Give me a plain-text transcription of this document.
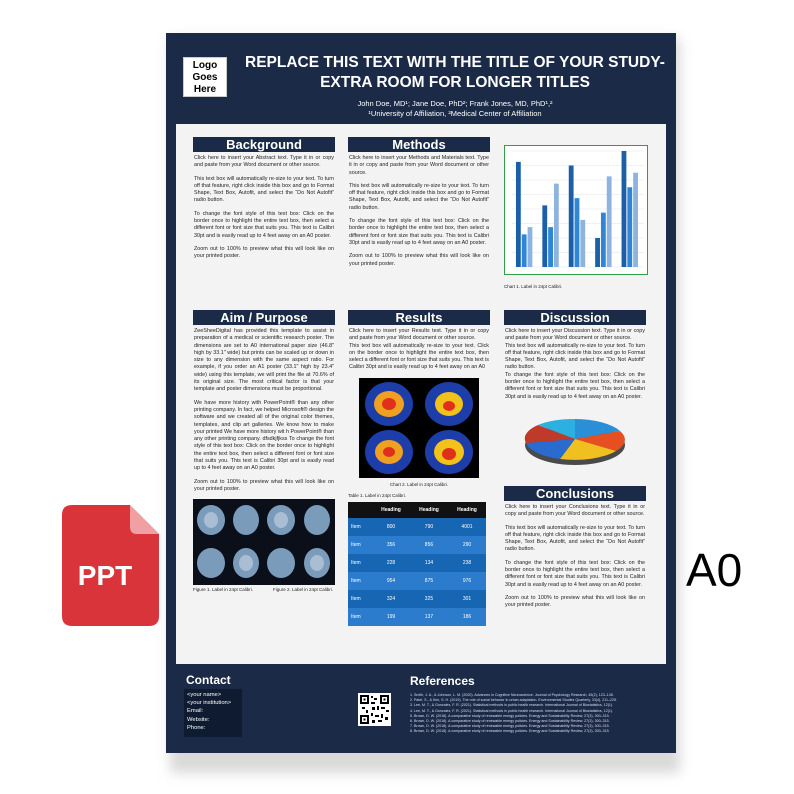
Logo Goes Here
REPLACE THIS TEXT WITH THE TITLE OF YOUR STUDY- EXTRA ROOM FOR LONGER TITLES
John Doe, MD¹; Jane Doe, PhD²; Frank Jones, MD, PhD¹,²
¹University of Affiliation, ²Medical Center of Affiliation
Background

Click here to insert your Abstract text. Type it in or copy and paste from your Word document or other source.

This text box will automatically re-size to your text. To turn off that feature, right click inside this box and go to Format Shape, Text Box, Autofit, and select the “Do Not Autofit” radio button.

To change the font style of this text box: Click on the border once to highlight the entire text box, then select a different font or font size that suits you. This text is Calibri 30pt and is easily read up to 4 feet away on an A0 poster.

Zoom out to 100% to preview what this will look like on your printed poster.

Methods

Click here to insert your Methods and Materials text. Type it in or copy and paste from your Word document or other source.

This text box will automatically re-size to your text. To turn off that feature, right click inside this box and go to Format Shape, Text Box, Autofit, and select the “Do Not Autofit” radio button.

To change the font style of this text box: Click on the border once to highlight the entire text box, then select a different font or font size that suits you. This text is Calibri 30pt and is easily read up to 4 feet away on an A0 poster.

Zoom out to 100% to preview what this will look like on your printed poster.

Chart 1. Label in 24pt Calibri.
Aim / Purpose

ZeeSheeDigital has provided this template to assist in preparation of a medical or scientific research poster. The dimensions are set to A0 international paper size (46.8" high by 33.1" wide) but prints can be scaled up or down in size to any dimension with the same aspect ratio. For example, if you order an A1 poster (33.1" high by 23.4" wide) using this template, we will print the file at 70.6% of its original size. The most critical factor is that your template and poster dimensions must be proportional.

We have more history with PowerPoint® than any other printing company. In fact, we helped Microsoft® design the software and we created all of the original color themes, templates, and clip art galleries. We know how to make your printed We have more history wit h PowerPoint® than any other printing company. dfsdkjfjkss To change the font style of this text box: Click on the border once to highlight the entire text box, then select a different font or font size that suits you. This text is Calibri 30pt and is easily read up to 4 feet away on an A0 poster.

Zoom out to 100% to preview what this will look like on your printed poster.

Figure 1. Label in 24pt Calibri.	Figure 2. Label in 24pt Calibri.
Results

Click here to insert your Results text. Type it in or copy and paste from your Word document or other source.

This text box will automatically re-size to your text. Click on the border once to highlight the entire text box, then select a different font or font size that suits you. This text is Calibri 30pt and is easily read up to 4 feet away on an A0

Chart 2. Label in 24pt Calibri.
Table 1. Label in 24pt Calibri.
	Heading	Heading	Heading
Item	800	790	4001
Item	356	856	290
Item	228	134	238
Item	954	875	976
Item	324	325	301
Item	199	137	186
Discussion

Click here to insert your Discussion text. Type it in or copy and paste from your Word document or other source.

This text box will automatically re-size to your text. To turn off that feature, right click inside this box and go to Format Shape, Text Box, Autofit, and select the “Do Not Autofit” radio button.

To change the font style of this text box: Click on the border once to highlight the entire text box, then select a different font or font size that suits you. This text is Calibri 30pt and is easily read up to 4 feet away on an A0 poster.

Conclusions

Click here to insert your Conclusions text. Type it in or copy and paste from your Word document or other source.

This text box will automatically re-size to your text. To turn off that feature, right click inside this box and go to Format Shape, Text Box, Autofit, and select the “Do Not Autofit” radio button.

To change the font style of this text box: Click on the border once to highlight the entire text box, then select a different font or font size that suits you. This text is Calibri 30pt and is easily read up to 4 feet away on an A0 poster.

Zoom out to 100% to preview what this will look like on your printed poster.

Contact
<your name>
<your institution>
Email:
Website:
Phone:
References
1. Smith, J. A., & Johnson, L. M. (2020). Advances in Cognitive Neuroscience. Journal of Psychology Research, 45(2), 123–138.
2. Patel, S., & Kim, S. H. (2019). The role of social behavior in urban adaptation. Environmental Studies Quarterly, 33(4), 211–225.
3. Lee, M. T., & Gonzalez, F. R. (2021). Statistical methods in public health research. International Journal of Biostatistics, 12(1).
4. Lee, M. T., & Gonzalez, F. R. (2021). Statistical methods in public health research. International Journal of Biostatistics, 12(1).
5. Brown, D. W. (2018). A comparative study of renewable energy policies. Energy and Sustainability Review, 27(3), 300–315.
6. Brown, D. W. (2018). A comparative study of renewable energy policies. Energy and Sustainability Review, 27(3), 300–315.
7. Brown, D. W. (2018). A comparative study of renewable energy policies. Energy and Sustainability Review, 27(3), 300–315.
8. Brown, D. W. (2018). A comparative study of renewable energy policies. Energy and Sustainability Review, 27(3), 300–315.
PPT	A0
